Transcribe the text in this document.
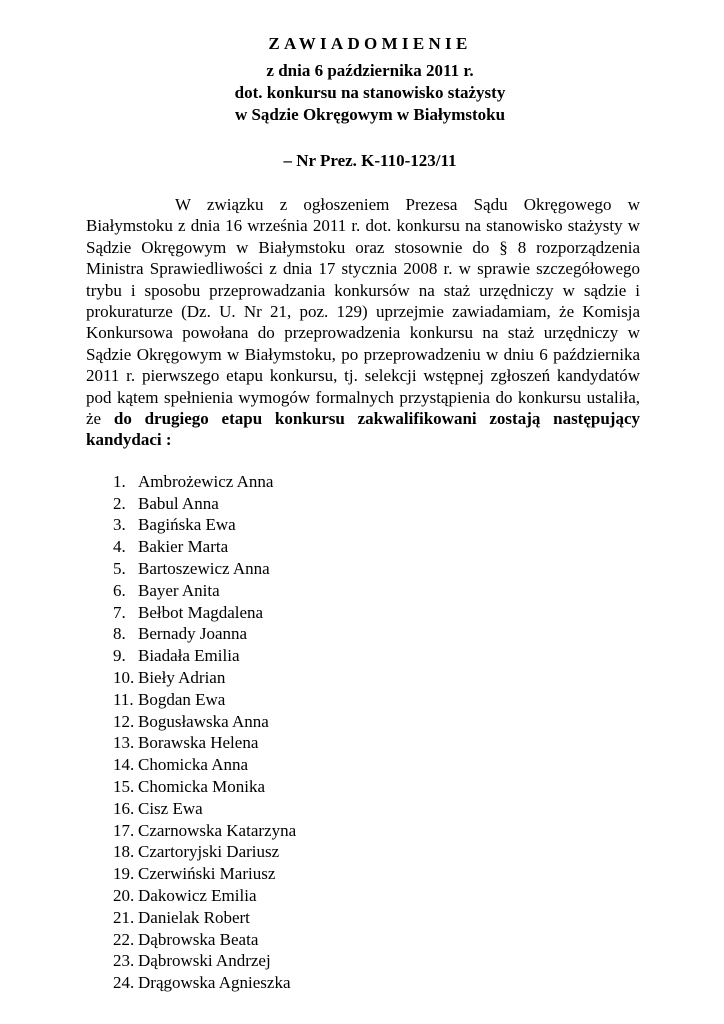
ZAWIADOMIENIE
z dnia 6 października 2011 r.
dot. konkursu na stanowisko stażysty
w Sądzie Okręgowym w Białymstoku
– Nr Prez. K-110-123/11

W związku z ogłoszeniem Prezesa Sądu Okręgowego w Białymstoku z dnia 16 września 2011 r. dot. konkursu na stanowisko stażysty w Sądzie Okręgowym w Białymstoku oraz stosownie do § 8 rozporządzenia Ministra Sprawiedliwości z dnia 17 stycznia 2008 r. w sprawie szczegółowego trybu i sposobu przeprowadzania konkursów na staż urzędniczy w sądzie i prokuraturze (Dz. U. Nr 21, poz. 129) uprzejmie zawiadamiam, że Komisja Konkursowa powołana do przeprowadzenia konkursu na staż urzędniczy w Sądzie Okręgowym w Białymstoku, po przeprowadzeniu w dniu 6 października 2011 r. pierwszego etapu konkursu, tj. selekcji wstępnej zgłoszeń kandydatów pod kątem spełnienia wymogów formalnych przystąpienia do konkursu ustaliła, że do drugiego etapu konkursu zakwalifikowani zostają następujący kandydaci :

1. Ambrożewicz Anna
2. Babul Anna
3. Bagińska Ewa
4. Bakier Marta
5. Bartoszewicz Anna
6. Bayer Anita
7. Bełbot Magdalena
8. Bernady Joanna
9. Biadała Emilia
10. Bieły Adrian
11. Bogdan Ewa
12. Bogusławska Anna
13. Borawska Helena
14. Chomicka Anna
15. Chomicka Monika
16. Cisz Ewa
17. Czarnowska Katarzyna
18. Czartoryjski Dariusz
19. Czerwiński Mariusz
20. Dakowicz Emilia
21. Danielak Robert
22. Dąbrowska Beata
23. Dąbrowski Andrzej
24. Drągowska Agnieszka
